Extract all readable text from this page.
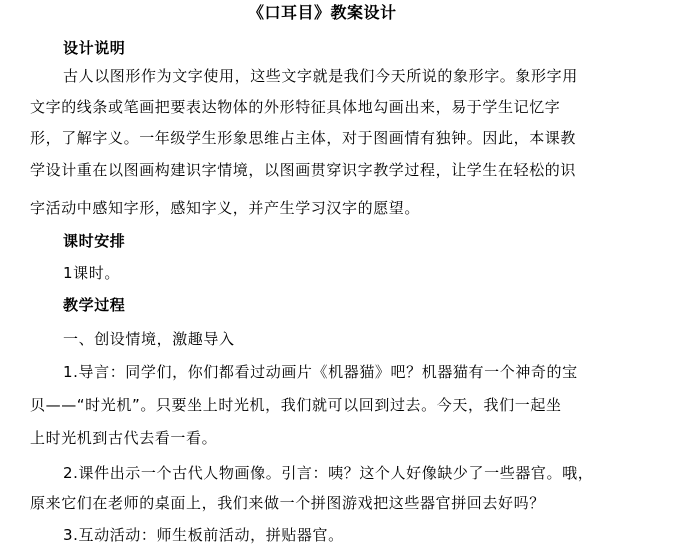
《口耳目》教案设计
设计说明
古人以图形作为文字使用，这些文字就是我们今天所说的象形字。象形字用
文字的线条或笔画把要表达物体的外形特征具体地勾画出来，易于学生记忆字
形，了解字义。一年级学生形象思维占主体，对于图画情有独钟。因此，本课教
学设计重在以图画构建识字情境，以图画贯穿识字教学过程，让学生在轻松的识
字活动中感知字形，感知字义，并产生学习汉字的愿望。
课时安排
1课时。
教学过程
一、创设情境，激趣导入
1.导言：同学们，你们都看过动画片《机器猫》吧？机器猫有一个神奇的宝
贝——“时光机”。只要坐上时光机，我们就可以回到过去。今天，我们一起坐
上时光机到古代去看一看。
2.课件出示一个古代人物画像。引言：咦？这个人好像缺少了一些器官。哦，
原来它们在老师的桌面上，我们来做一个拼图游戏把这些器官拼回去好吗？
3.互动活动：师生板前活动，拼贴器官。
